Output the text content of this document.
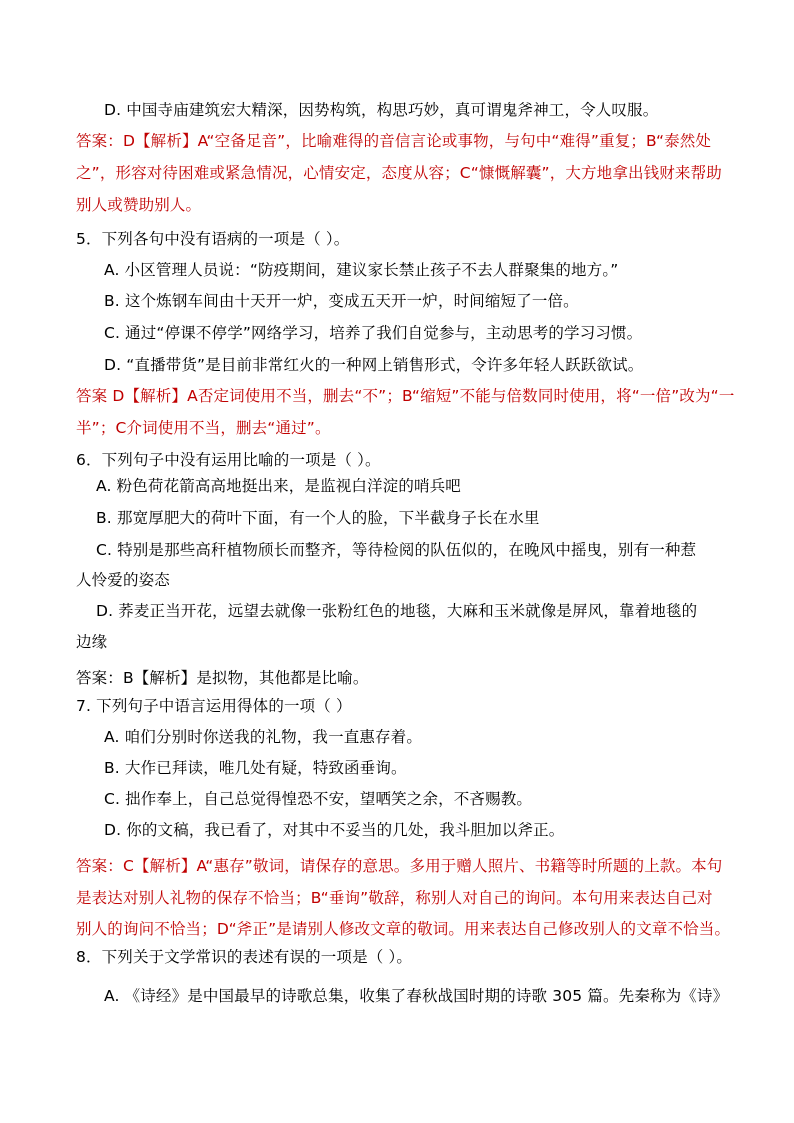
D. 中国寺庙建筑宏大精深，因势构筑，构思巧妙，真可谓鬼斧神工，令人叹服。
答案：D【解析】A“空备足音”，比喻难得的音信言论或事物，与句中“难得”重复；B“泰然处
之”，形容对待困难或紧急情况，心情安定，态度从容；C“慷慨解囊”，大方地拿出钱财来帮助
别人或赞助别人。
5．下列各句中没有语病的一项是（ ）。
A. 小区管理人员说：“防疫期间，建议家长禁止孩子不去人群聚集的地方。”
B. 这个炼钢车间由十天开一炉，变成五天开一炉，时间缩短了一倍。
C. 通过“停课不停学”网络学习，培养了我们自觉参与，主动思考的学习习惯。
D. “直播带货”是目前非常红火的一种网上销售形式，令许多年轻人跃跃欲试。
答案 D【解析】A否定词使用不当，删去“不”；B“缩短”不能与倍数同时使用，将“一倍”改为“一
半”；C介词使用不当，删去“通过”。
6．下列句子中没有运用比喻的一项是（ ）。
A. 粉色荷花箭高高地挺出来，是监视白洋淀的哨兵吧
B. 那宽厚肥大的荷叶下面，有一个人的脸，下半截身子长在水里
C. 特别是那些高秆植物颀长而整齐，等待检阅的队伍似的，在晚风中摇曳，别有一种惹
人怜爱的姿态
D. 荞麦正当开花，远望去就像一张粉红色的地毯，大麻和玉米就像是屏风，靠着地毯的
边缘
答案：B【解析】是拟物，其他都是比喻。
7. 下列句子中语言运用得体的一项（ ）
A. 咱们分别时你送我的礼物，我一直惠存着。
B. 大作已拜读，唯几处有疑，特致函垂询。
C. 拙作奉上，自己总觉得惶恐不安，望哂笑之余，不吝赐教。
D. 你的文稿，我已看了，对其中不妥当的几处，我斗胆加以斧正。
答案：C【解析】A“惠存”敬词，请保存的意思。多用于赠人照片、书籍等时所题的上款。本句
是表达对别人礼物的保存不恰当；B“垂询”敬辞，称别人对自己的询问。本句用来表达自己对
别人的询问不恰当；D“斧正”是请别人修改文章的敬词。用来表达自己修改别人的文章不恰当。
8．下列关于文学常识的表述有误的一项是（ ）。
A. 《诗经》是中国最早的诗歌总集，收集了春秋战国时期的诗歌 305 篇。先秦称为《诗》
